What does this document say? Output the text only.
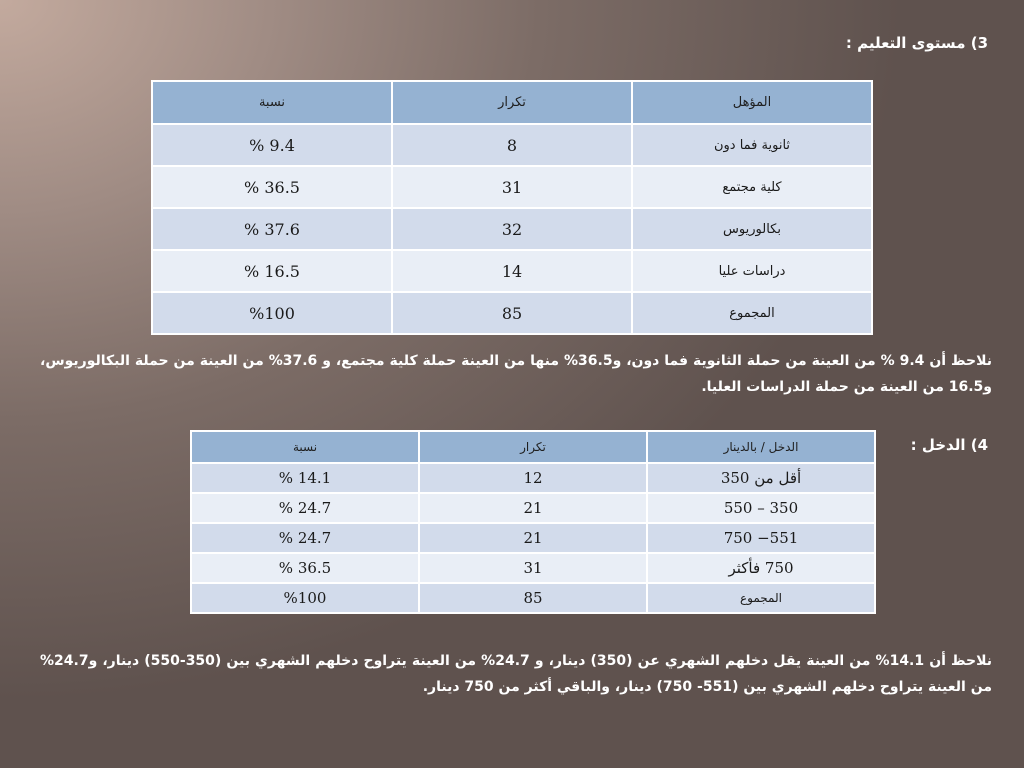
3) مستوى التعليم :
المؤهل	تكرار	نسبة
ثانوية فما دون	8	9.4 %
كلية مجتمع	31	36.5 %
بكالوريوس	32	37.6 %
دراسات عليا	14	16.5 %
المجموع	85	%100
نلاحظ أن 9.4 % من العينة من حملة الثانوية فما دون، و36.5% منها من العينة حملة كلية مجتمع، و 37.6% من العينة من حملة البكالوريوس، و16.5 من العينة من حملة الدراسات العليا.
4) الدخل :
الدخل / بالدينار	تكرار	نسبة
أقل من 350	12	14.1 %
350 – 550	21	24.7 %
551− 750	21	24.7 %
750 فأكثر	31	36.5 %
المجموع	85	%100
نلاحظ أن 14.1% من العينة يقل دخلهم الشهري عن (350) دينار، و 24.7% من العينة يتراوح دخلهم الشهري بين (350-550) دينار، و24.7% من العينة يتراوح دخلهم الشهري بين (551- 750) دينار، والباقي أكثر من 750 دينار.
